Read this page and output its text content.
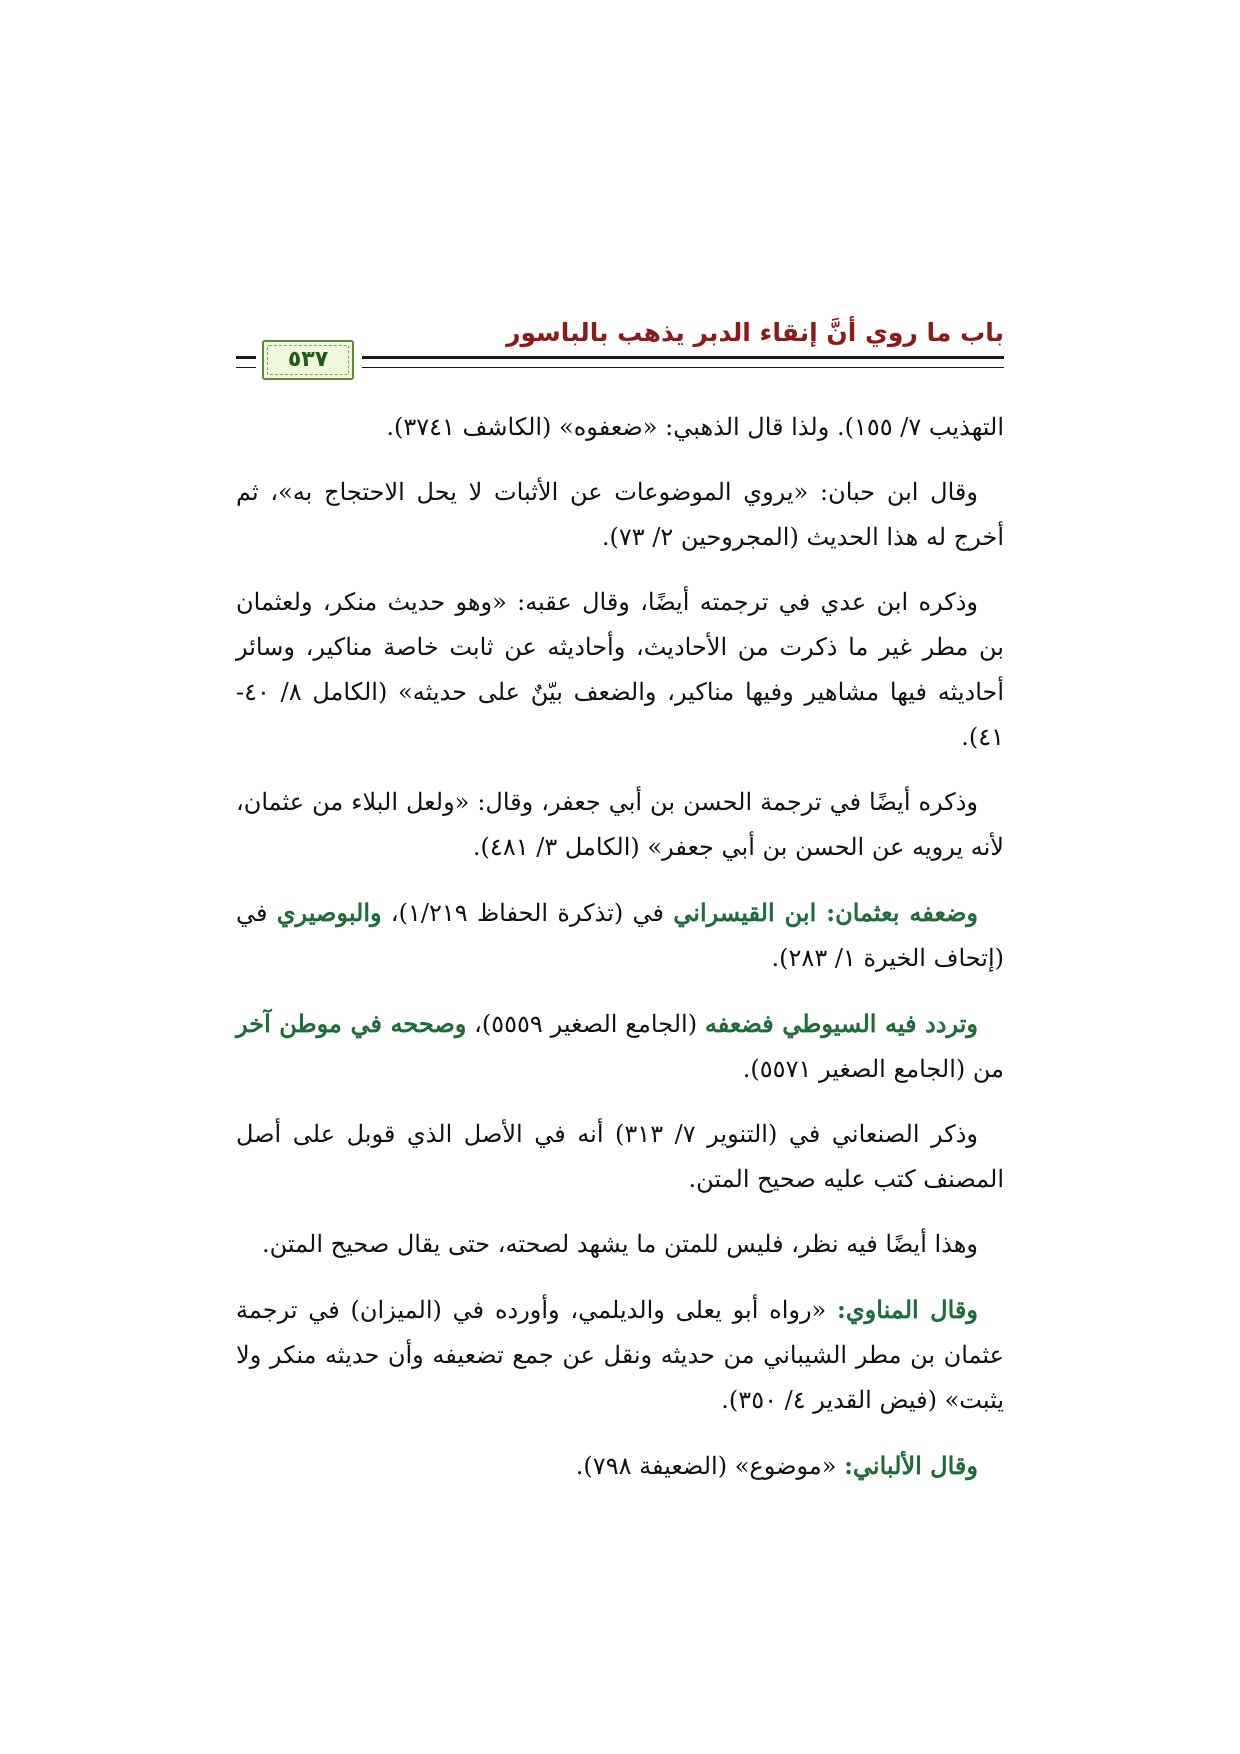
باب ما روي أنَّ إنقاء الدبر يذهب بالباسور
٥٣٧

التهذيب ٧/ ١٥٥). ولذا قال الذهبي: «ضعفوه» (الكاشف ٣٧٤١).

وقال ابن حبان: «يروي الموضوعات عن الأثبات لا يحل الاحتجاج به»، ثم أخرج له هذا الحديث (المجروحين ٢/ ٧٣).

وذكره ابن عدي في ترجمته أيضًا، وقال عقبه: «وهو حديث منكر، ولعثمان بن مطر غير ما ذكرت من الأحاديث، وأحاديثه عن ثابت خاصة مناكير، وسائر أحاديثه فيها مشاهير وفيها مناكير، والضعف بيّنٌ على حديثه» (الكامل ٨/ ٤٠- ٤١).

وذكره أيضًا في ترجمة الحسن بن أبي جعفر، وقال: «ولعل البلاء من عثمان، لأنه يرويه عن الحسن بن أبي جعفر» (الكامل ٣/ ٤٨١).

وضعفه بعثمان: ابن القيسراني في (تذكرة الحفاظ ١/٢١٩)، والبوصيري في (إتحاف الخيرة ١/ ٢٨٣).

وتردد فيه السيوطي فضعفه (الجامع الصغير ٥٥٥٩)، وصححه في موطن آخر من (الجامع الصغير ٥٥٧١).

وذكر الصنعاني في (التنوير ٧/ ٣١٣) أنه في الأصل الذي قوبل على أصل المصنف كتب عليه صحيح المتن.

وهذا أيضًا فيه نظر، فليس للمتن ما يشهد لصحته، حتى يقال صحيح المتن.

وقال المناوي: «رواه أبو يعلى والديلمي، وأورده في (الميزان) في ترجمة عثمان بن مطر الشيباني من حديثه ونقل عن جمع تضعيفه وأن حديثه منكر ولا يثبت» (فيض القدير ٤/ ٣٥٠).

وقال الألباني: «موضوع» (الضعيفة ٧٩٨).
